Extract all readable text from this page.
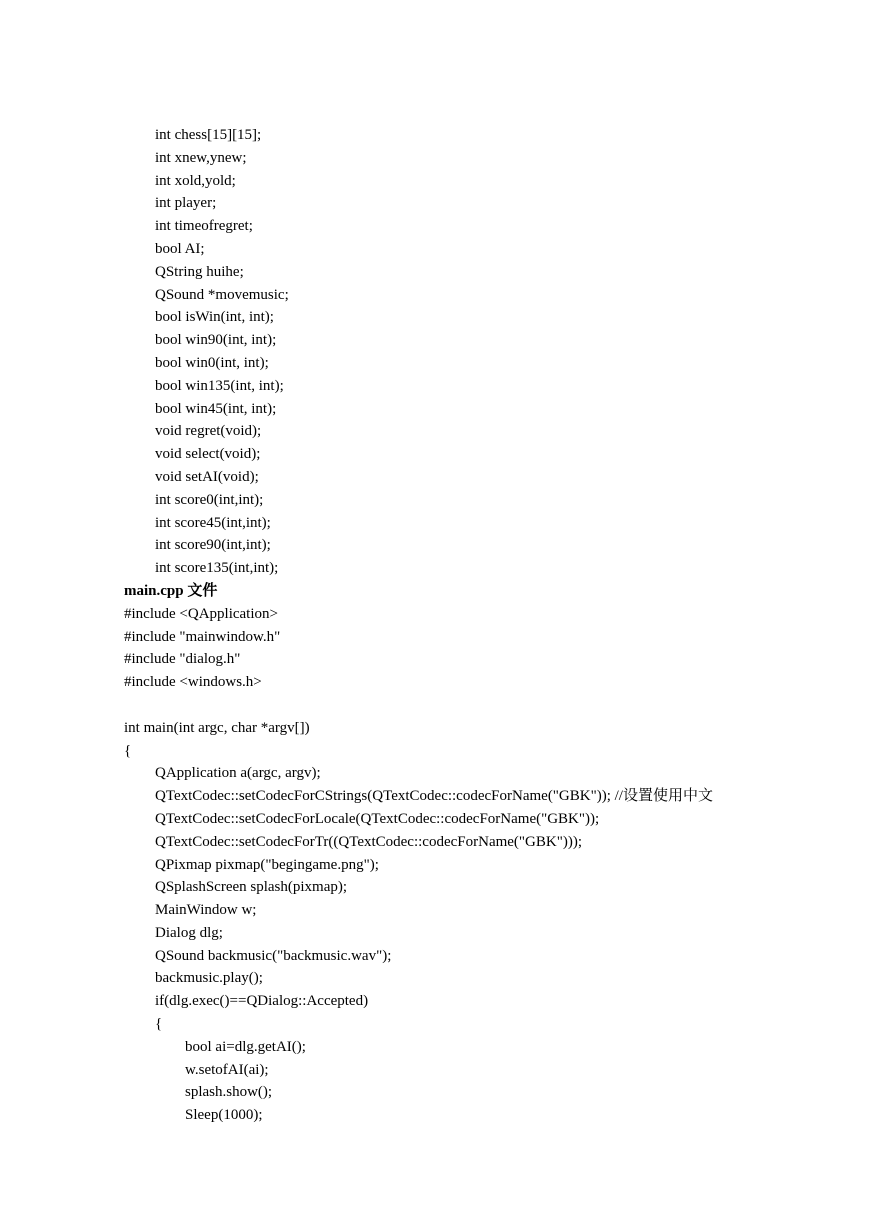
int chess[15][15];
int xnew,ynew;
int xold,yold;
int player;
int timeofregret;
bool AI;
QString huihe;
QSound *movemusic;
bool isWin(int, int);
bool win90(int, int);
bool win0(int, int);
bool win135(int, int);
bool win45(int, int);
void regret(void);
void select(void);
void setAI(void);
int score0(int,int);
int score45(int,int);
int score90(int,int);
int score135(int,int);
main.cpp 文件
#include <QApplication>
#include "mainwindow.h"
#include "dialog.h"
#include <windows.h>
int main(int argc, char *argv[])
{
QApplication a(argc, argv);
QTextCodec::setCodecForCStrings(QTextCodec::codecForName("GBK")); //设置使用中文
QTextCodec::setCodecForLocale(QTextCodec::codecForName("GBK"));
QTextCodec::setCodecForTr((QTextCodec::codecForName("GBK")));
QPixmap pixmap("begingame.png");
QSplashScreen splash(pixmap);
MainWindow w;
Dialog dlg;
QSound backmusic("backmusic.wav");
backmusic.play();
if(dlg.exec()==QDialog::Accepted)
{
bool ai=dlg.getAI();
w.setofAI(ai);
splash.show();
Sleep(1000);
